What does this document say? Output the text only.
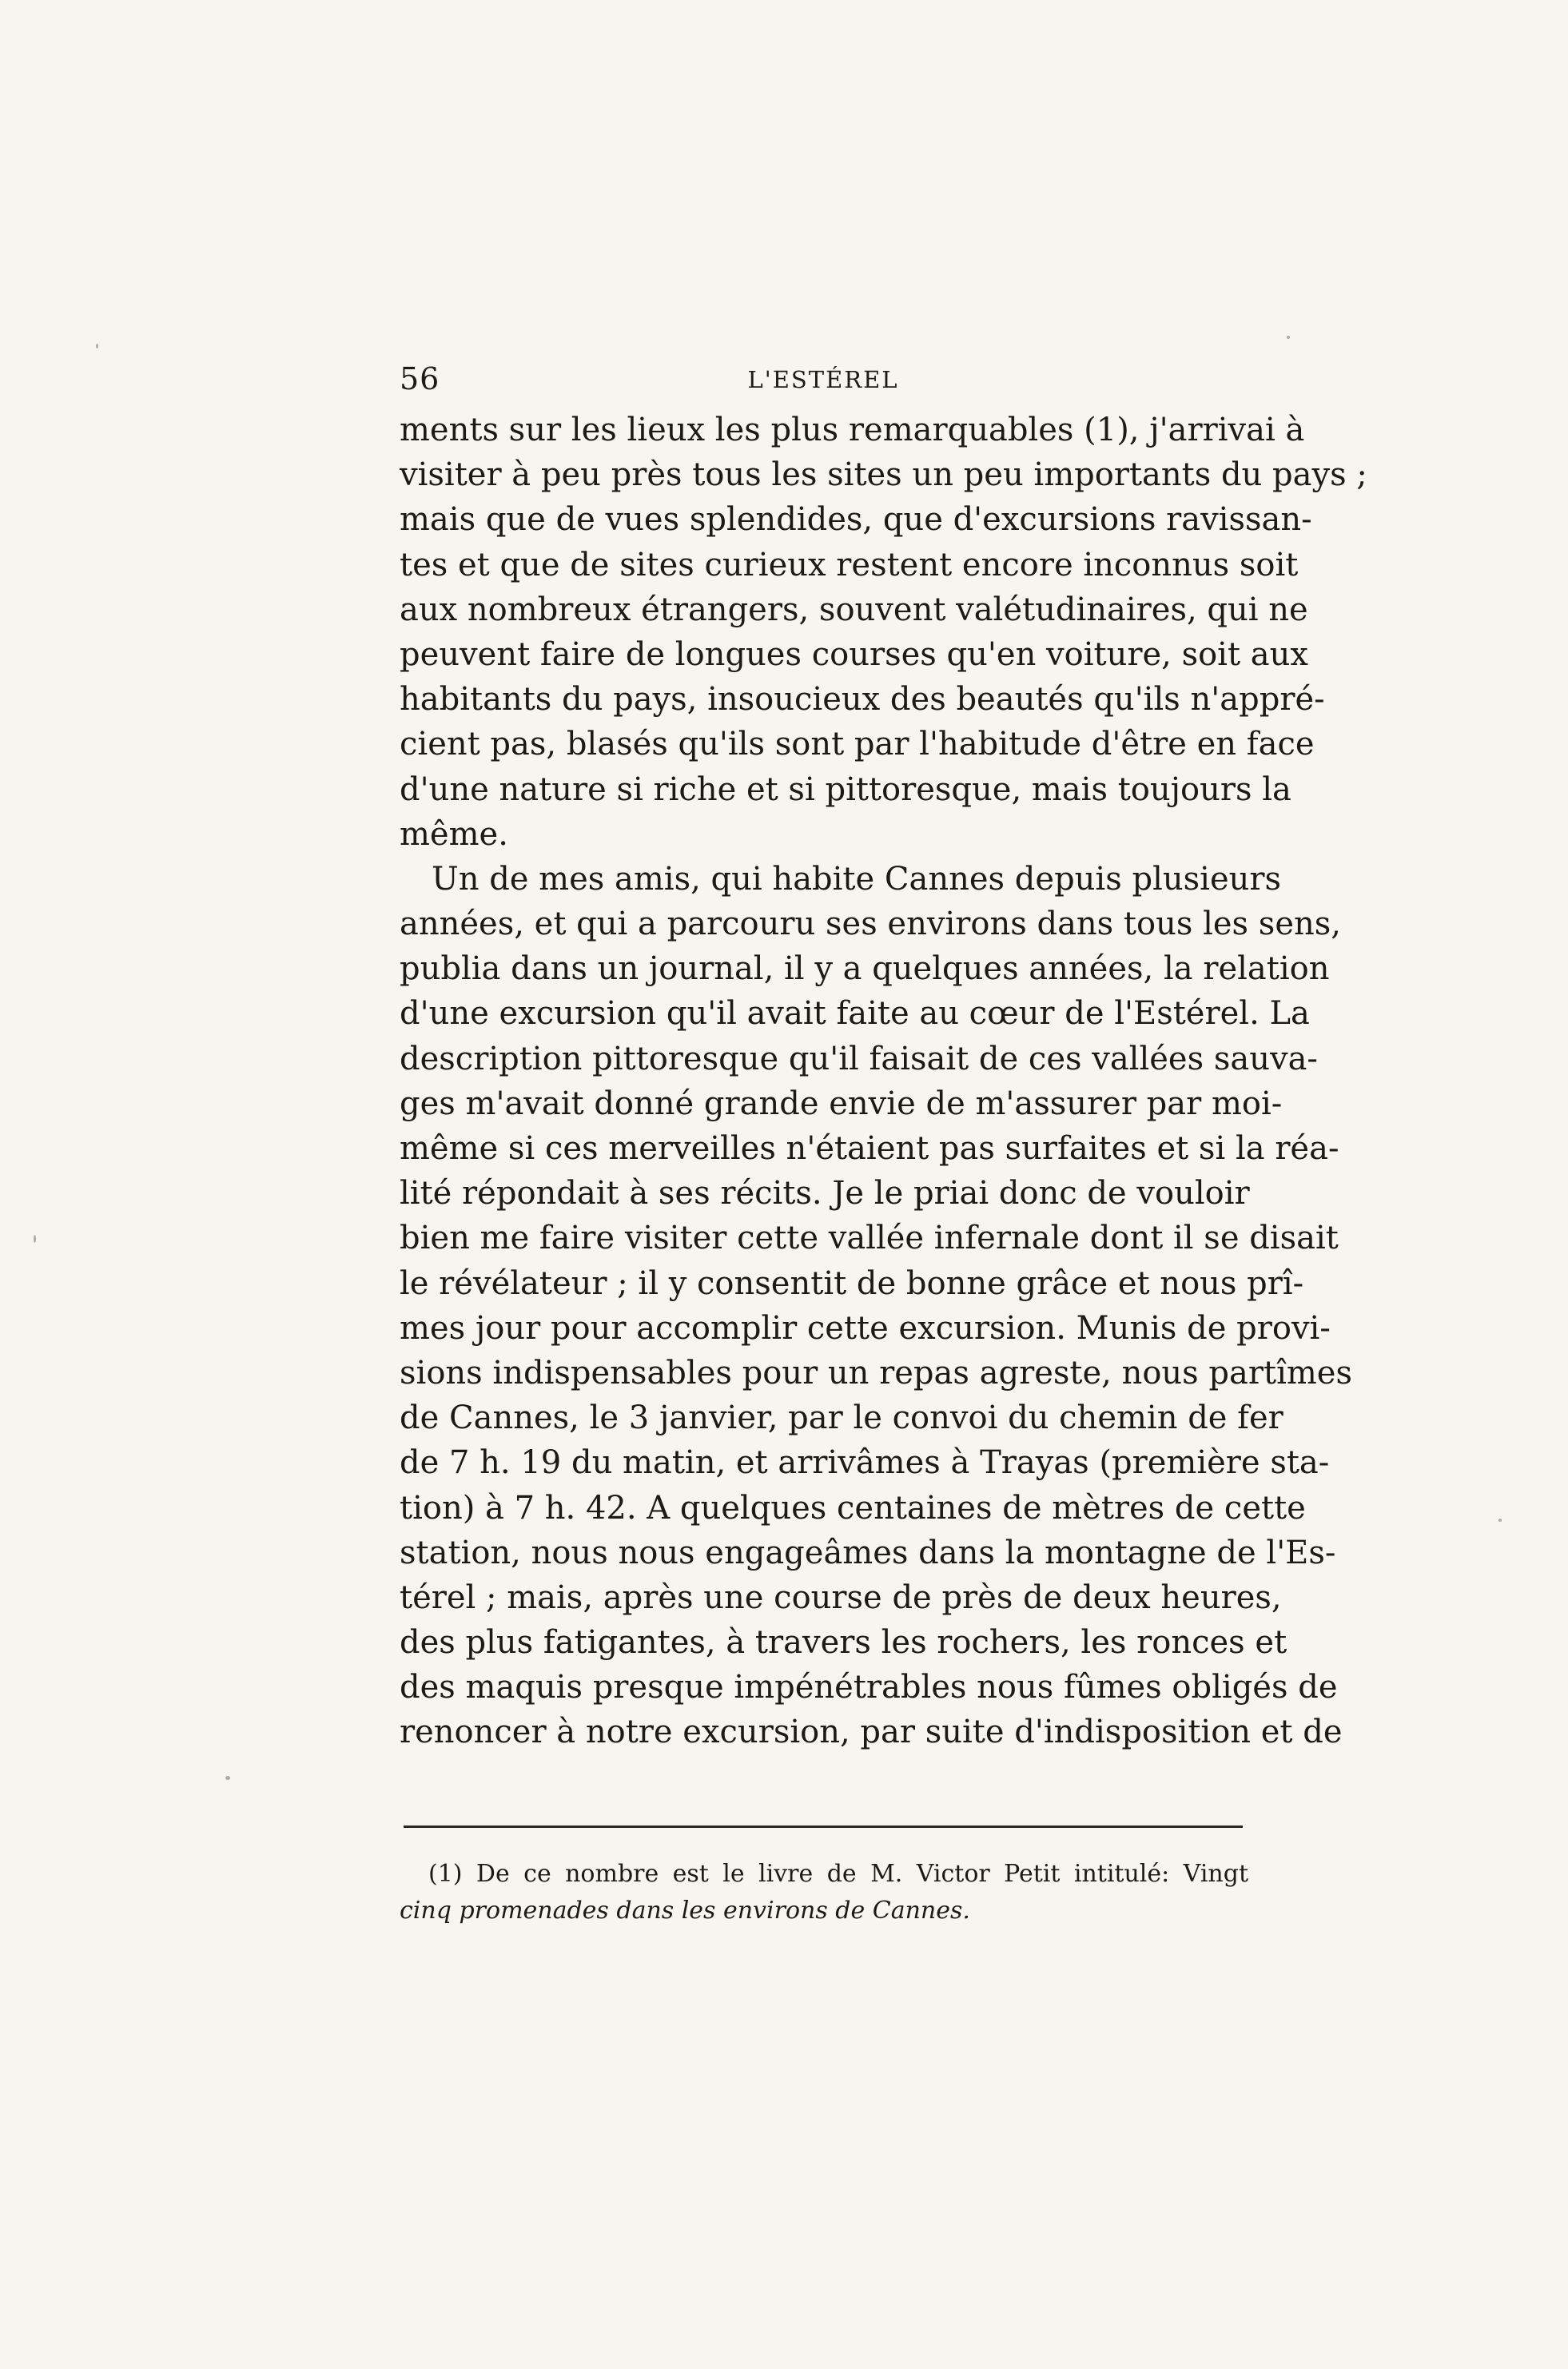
56	L'ESTÉREL
ments sur les lieux les plus remarquables (1), j'arrivai à
visiter à peu près tous les sites un peu importants du pays ;
mais que de vues splendides, que d'excursions ravissan-
tes et que de sites curieux restent encore inconnus soit
aux nombreux étrangers, souvent valétudinaires, qui ne
peuvent faire de longues courses qu'en voiture, soit aux
habitants du pays, insoucieux des beautés qu'ils n'appré-
cient pas, blasés qu'ils sont par l'habitude d'être en face
d'une nature si riche et si pittoresque, mais toujours la
même.
Un de mes amis, qui habite Cannes depuis plusieurs
années, et qui a parcouru ses environs dans tous les sens,
publia dans un journal, il y a quelques années, la relation
d'une excursion qu'il avait faite au cœur de l'Estérel. La
description pittoresque qu'il faisait de ces vallées sauva-
ges m'avait donné grande envie de m'assurer par moi-
même si ces merveilles n'étaient pas surfaites et si la réa-
lité répondait à ses récits. Je le priai donc de vouloir
bien me faire visiter cette vallée infernale dont il se disait
le révélateur ; il y consentit de bonne grâce et nous prî-
mes jour pour accomplir cette excursion. Munis de provi-
sions indispensables pour un repas agreste, nous partîmes
de Cannes, le 3 janvier, par le convoi du chemin de fer
de 7 h. 19 du matin, et arrivâmes à Trayas (première sta-
tion) à 7 h. 42. A quelques centaines de mètres de cette
station, nous nous engageâmes dans la montagne de l'Es-
térel ; mais, après une course de près de deux heures,
des plus fatigantes, à travers les rochers, les ronces et
des maquis presque impénétrables nous fûmes obligés de
renoncer à notre excursion, par suite d'indisposition et de
(1) De ce nombre est le livre de M. Victor Petit intitulé: Vingt
cinq promenades dans les environs de Cannes.
